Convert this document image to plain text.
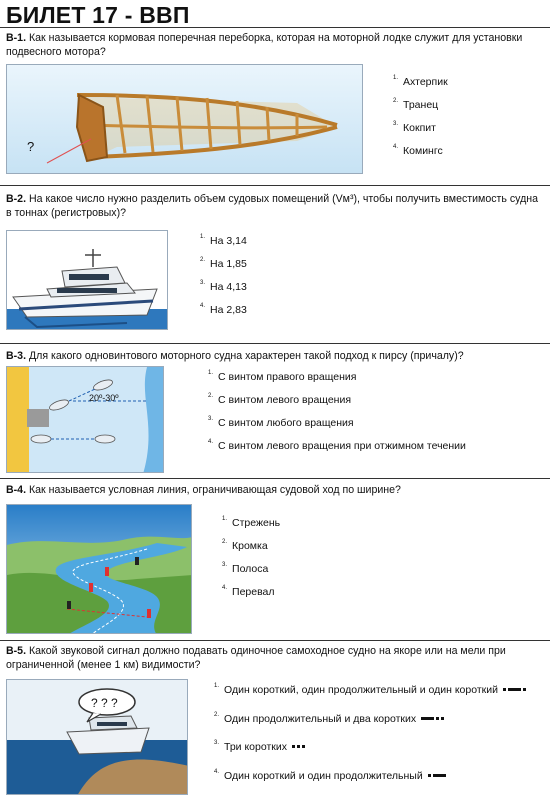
БИЛЕТ 17 - ВВП
В-1. Как называется кормовая поперечная переборка, которая на моторной лодке служит для установки подвесного мотора?
?
$^{1.}$ Ахтерпик
$^{2.}$ Транец
$^{3.}$ Кокпит
$^{4.}$ Комингс
В-2. На какое число нужно разделить объем судовых помещений (Vм³), чтобы получить вместимость судна в тоннах (регистровых)?
$^{1.}$ На 3,14
$^{2.}$ На 1,85
$^{3.}$ На 4,13
$^{4.}$ На 2,83
В-3. Для какого одновинтового моторного судна характерен такой подход к пирсу (причалу)?
20º-30º
$^{1.}$ С винтом правого вращения
$^{2.}$ С винтом левого вращения
$^{3.}$ С винтом любого вращения
$^{4.}$ С винтом левого вращения при отжимном течении
В-4. Как называется условная линия, ограничивающая судовой ход по ширине?
$^{1.}$ Стрежень
$^{2.}$ Кромка
$^{3.}$ Полоса
$^{4.}$ Перевал
В-5. Какой звуковой сигнал должно подавать одиночное самоходное судно на якоре или на мели при ограниченной (менее 1 км) видимости?
? ? ?
$^{1.}$ Один короткий, один продолжительный и один короткий
$^{2.}$ Один продолжительный и два коротких
$^{3.}$ Три коротких
$^{4.}$ Один короткий и один продолжительный
